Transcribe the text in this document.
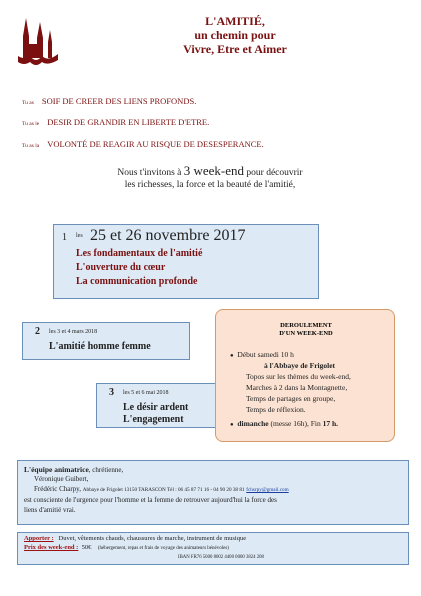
L'AMITIÉ,
un chemin pour
Vivre, Etre et Aimer
Tu as SOIF DE CREER DES LIENS PROFONDS.
Tu as le DESIR DE GRANDIR EN LIBERTE D'ETRE.
Tu as la VOLONTÉ DE REAGIR AU RISQUE DE DESESPERANCE.
Nous t'invitons à 3 week-end pour découvrir
les richesses, la force et la beauté de l'amitié,
1 les 25 et 26 novembre 2017
Les fondamentaux de l'amitié
L'ouverture du cœur
La communication profonde
2 les 3 et 4 mars 2018
L'amitié homme femme
3 les 5 et 6 mai 2018
Le désir ardent
L'engagement
DEROULEMENT
D'UN WEEK-END
● Début samedi 10 h
à l'Abbaye de Frigolet
Topos sur les thèmes du week-end,
Marches à 2 dans la Montagnette,
Temps de partages en groupe,
Temps de réflexion.
● dimanche (messe 16h), Fin 17 h.
L'équipe animatrice, chrétienne,
Véronique Guibert,
Frédéric Charpy, Abbaye de Frigolet 13150 TARASCON Tél : 06 45 87 71 16 - 04 90 20 38 81 fchsrpy@gmail.com
est conscientе de l'urgence pour l'homme et la femme de retrouver aujourd'hui la force des
liens d'amitié vrai.
Apporter : Duvet, vêtements chauds, chaussures de marche, instrument de musique
Prix des week-end : 50€ (hébergement, repas et frais de voyage des animateurs bénévoles)
IBAN FR76 5000 8002 4400 0000 3824 208
